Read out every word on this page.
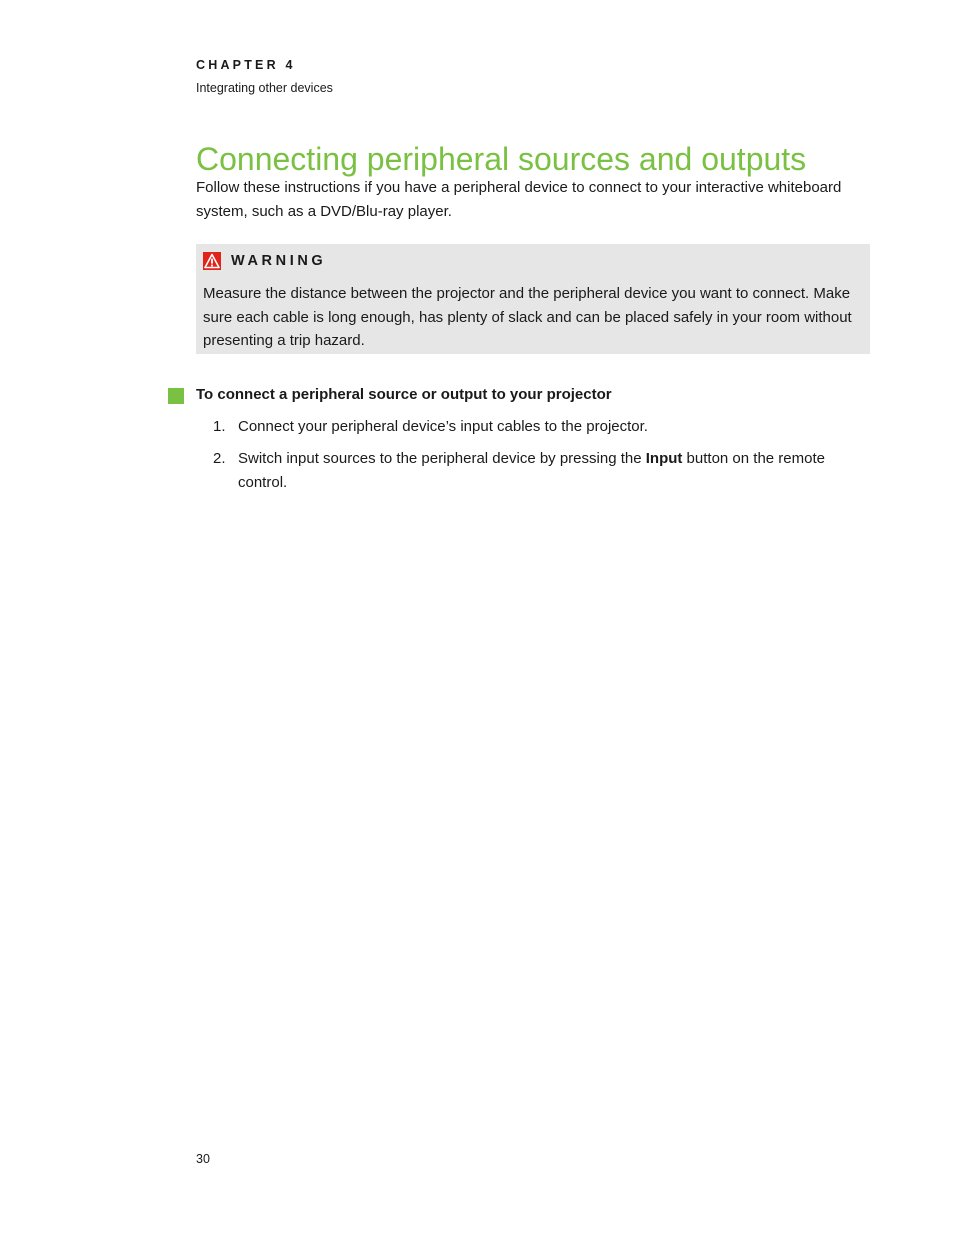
CHAPTER 4
Integrating other devices
Connecting peripheral sources and outputs

Follow these instructions if you have a peripheral device to connect to your interactive whiteboard system, such as a DVD/Blu-ray player.

WARNING

Measure the distance between the projector and the peripheral device you want to connect. Make sure each cable is long enough, has plenty of slack and can be placed safely in your room without presenting a trip hazard.

To connect a peripheral source or output to your projector
1. Connect your peripheral device’s input cables to the projector.
2. Switch input sources to the peripheral device by pressing the Input button on the remote control.
30
